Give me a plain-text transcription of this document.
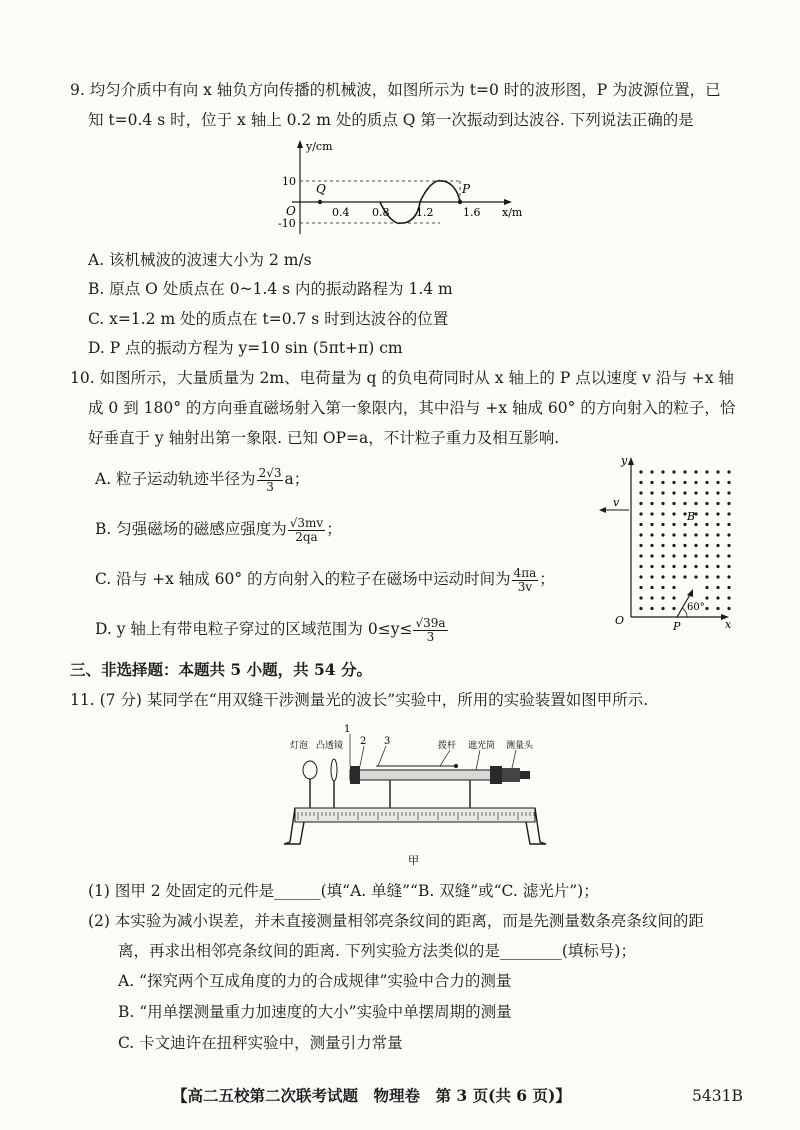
9. 均匀介质中有向 x 轴负方向传播的机械波，如图所示为 t=0 时的波形图，P 为波源位置，已
知 t=0.4 s 时，位于 x 轴上 0.2 m 处的质点 Q 第一次振动到达波谷. 下列说法正确的是
y/cm
x/m
O
10
-10
0.4 0.8 1.2	1.6
Q	P
A. 该机械波的波速大小为 2 m/s
B. 原点 O 处质点在 0~1.4 s 内的振动路程为 1.4 m
C. x=1.2 m 处的质点在 t=0.7 s 时到达波谷的位置
D. P 点的振动方程为 y=10 sin (5πt+π) cm
10. 如图所示，大量质量为 2m、电荷量为 q 的负电荷同时从 x 轴上的 P 点以速度 v 沿与 +x 轴
成 0 到 180° 的方向垂直磁场射入第一象限内，其中沿与 +x 轴成 60° 的方向射入的粒子，恰
好垂直于 y 轴射出第一象限. 已知 OP=a，不计粒子重力及相互影响.
A. 粒子运动轨迹半径为 $\frac{2√3}{3}$ a；
B. 匀强磁场的磁感应强度为 $\frac{√3mv}{2qa}$ ；
C. 沿与 +x 轴成 60° 的方向射入的粒子在磁场中运动时间为 $\frac{4\pi a}{3v}$ ；
D. y 轴上有带电粒子穿过的区域范围为 $0\le y\le \frac{√39a}{3}$
y
x
O	P
B
v
60°
三、非选择题：本题共 5 小题，共 54 分。
11. (7 分) 某同学在“用双缝干涉测量光的波长”实验中，所用的实验装置如图甲所示.
灯泡 凸透镜
1
2 3	拨杆 遮光筒 测量头
甲
(1) 图甲 2 处固定的元件是______(填“A. 单缝”“B. 双缝”或“C. 滤光片”)；
(2) 本实验为减小误差，并未直接测量相邻亮条纹间的距离，而是先测量数条亮条纹间的距
离，再求出相邻亮条纹间的距离. 下列实验方法类似的是________(填标号)；
A. “探究两个互成角度的力的合成规律”实验中合力的测量
B. “用单摆测量重力加速度的大小”实验中单摆周期的测量
C. 卡文迪许在扭秤实验中，测量引力常量
【高二五校第二次联考试题　物理卷　第 3 页(共 6 页)】	5431B
